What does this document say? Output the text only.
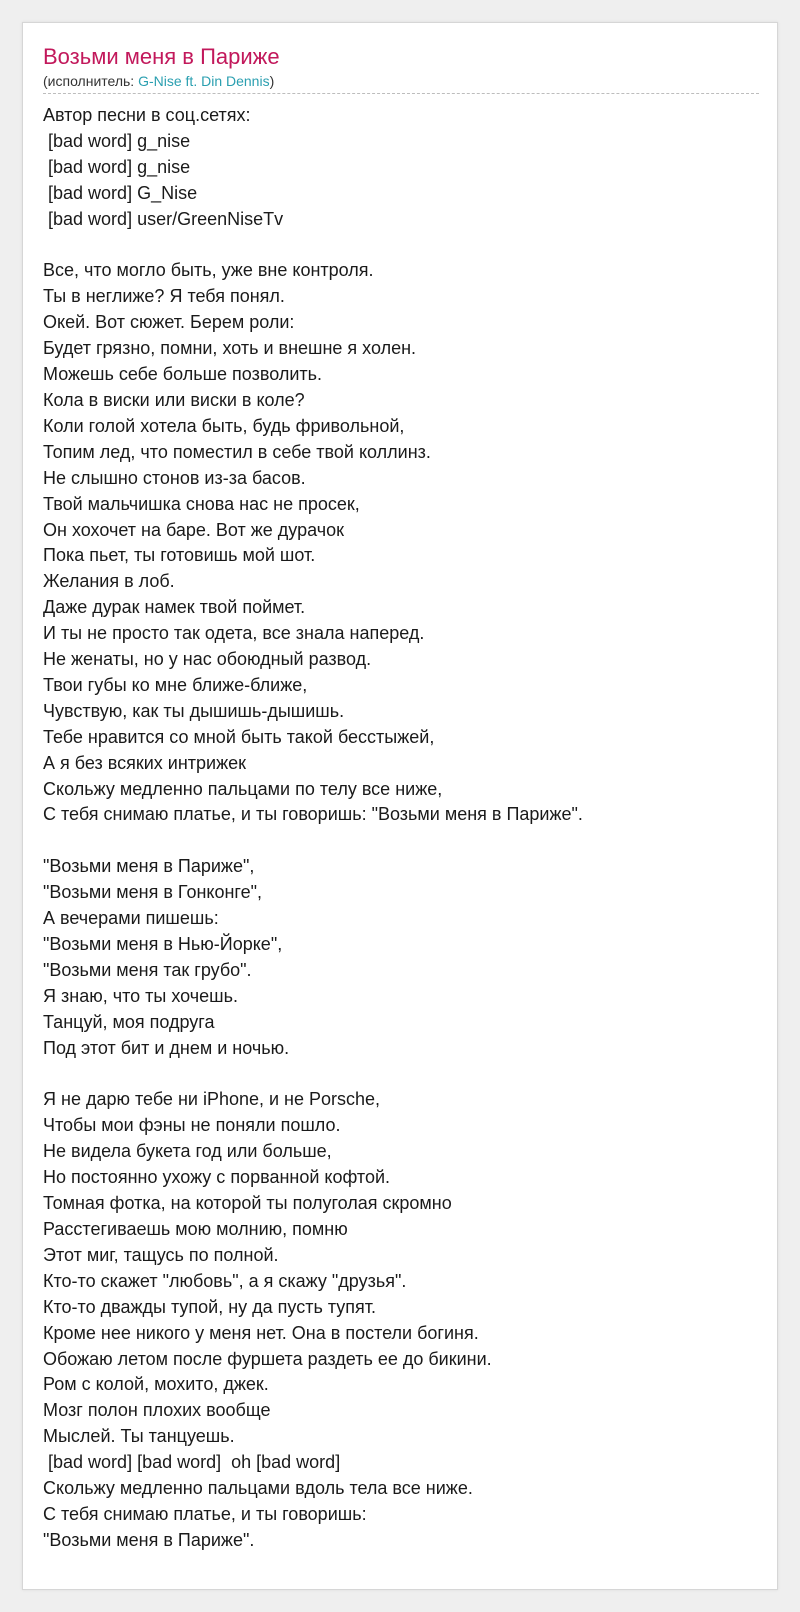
Возьми меня в Париже
(исполнитель: G-Nise ft. Din Dennis)
Автор песни в соц.сетях:
[bad word] g_nise
[bad word] g_nise
[bad word] G_Nise
[bad word] user/GreenNiseTv

Все, что могло быть, уже вне контроля.
Ты в неглиже? Я тебя понял.
Окей. Вот сюжет. Берем роли:
Будет грязно, помни, хоть и внешне я холен.
Можешь себе больше позволить.
Кола в виски или виски в коле?
Коли голой хотела быть, будь фривольной,
Топим лед, что поместил в себе твой коллинз.
Не слышно стонов из-за басов.
Твой мальчишка снова нас не просек,
Он хохочет на баре. Вот же дурачок
Пока пьет, ты готовишь мой шот.
Желания в лоб.
Даже дурак намек твой поймет.
И ты не просто так одета, все знала наперед.
Не женаты, но у нас обоюдный развод.
Твои губы ко мне ближе-ближе,
Чувствую, как ты дышишь-дышишь.
Тебе нравится со мной быть такой бесстыжей,
А я без всяких интрижек
Скольжу медленно пальцами по телу все ниже,
С тебя снимаю платье, и ты говоришь: "Возьми меня в Париже".

"Возьми меня в Париже",
"Возьми меня в Гонконге",
А вечерами пишешь:
"Возьми меня в Нью-Йорке",
"Возьми меня так грубо".
Я знаю, что ты хочешь.
Танцуй, моя подруга
Под этот бит и днем и ночью.

Я не дарю тебе ни iPhone, и не Porsche,
Чтобы мои фэны не поняли пошло.
Не видела букета год или больше,
Но постоянно ухожу с порванной кофтой.
Томная фотка, на которой ты полуголая скромно
Расстегиваешь мою молнию, помню
Этот миг, тащусь по полной.
Кто-то скажет "любовь", а я скажу "друзья".
Кто-то дважды тупой, ну да пусть тупят.
Кроме нее никого у меня нет. Она в постели богиня.
Обожаю летом после фуршета раздеть ее до бикини.
Ром с колой, мохито, джек.
Мозг полон плохих вообще
Мыслей. Ты танцуешь.
[bad word] [bad word]  oh [bad word]
Скольжу медленно пальцами вдоль тела все ниже.
С тебя снимаю платье, и ты говоришь:
"Возьми меня в Париже".
